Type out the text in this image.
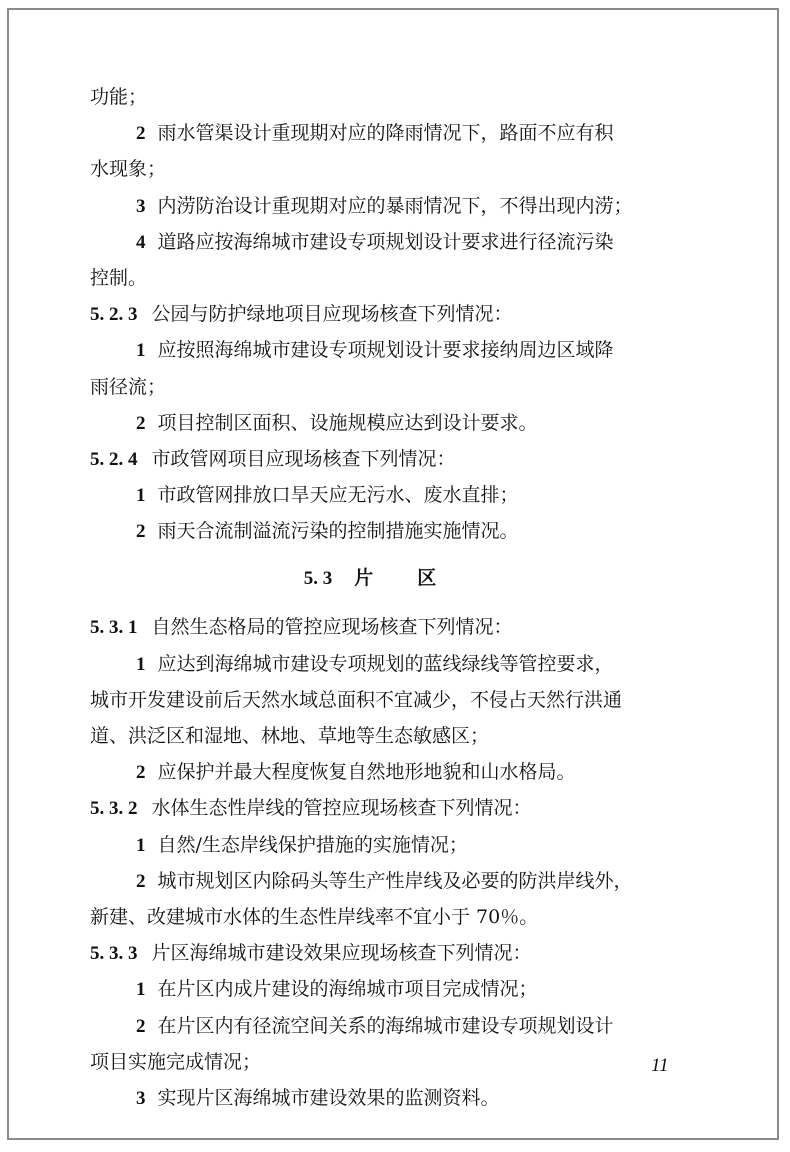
功能；
2 雨水管渠设计重现期对应的降雨情况下，路面不应有积
水现象；
3 内涝防治设计重现期对应的暴雨情况下，不得出现内涝；
4 道路应按海绵城市建设专项规划设计要求进行径流污染
控制。
5. 2. 3 公园与防护绿地项目应现场核查下列情况：
1 应按照海绵城市建设专项规划设计要求接纳周边区域降
雨径流；
2 项目控制区面积、设施规模应达到设计要求。
5. 2. 4 市政管网项目应现场核查下列情况：
1 市政管网排放口旱天应无污水、废水直排；
2 雨天合流制溢流污染的控制措施实施情况。
5. 3 片区
5. 3. 1 自然生态格局的管控应现场核查下列情况：
1 应达到海绵城市建设专项规划的蓝线绿线等管控要求，
城市开发建设前后天然水域总面积不宜减少，不侵占天然行洪通
道、洪泛区和湿地、林地、草地等生态敏感区；
2 应保护并最大程度恢复自然地形地貌和山水格局。
5. 3. 2 水体生态性岸线的管控应现场核查下列情况：
1 自然/生态岸线保护措施的实施情况；
2 城市规划区内除码头等生产性岸线及必要的防洪岸线外，
新建、改建城市水体的生态性岸线率不宜小于 70％。
5. 3. 3 片区海绵城市建设效果应现场核查下列情况：
1 在片区内成片建设的海绵城市项目完成情况；
2 在片区内有径流空间关系的海绵城市建设专项规划设计
项目实施完成情况；
3 实现片区海绵城市建设效果的监测资料。
11
